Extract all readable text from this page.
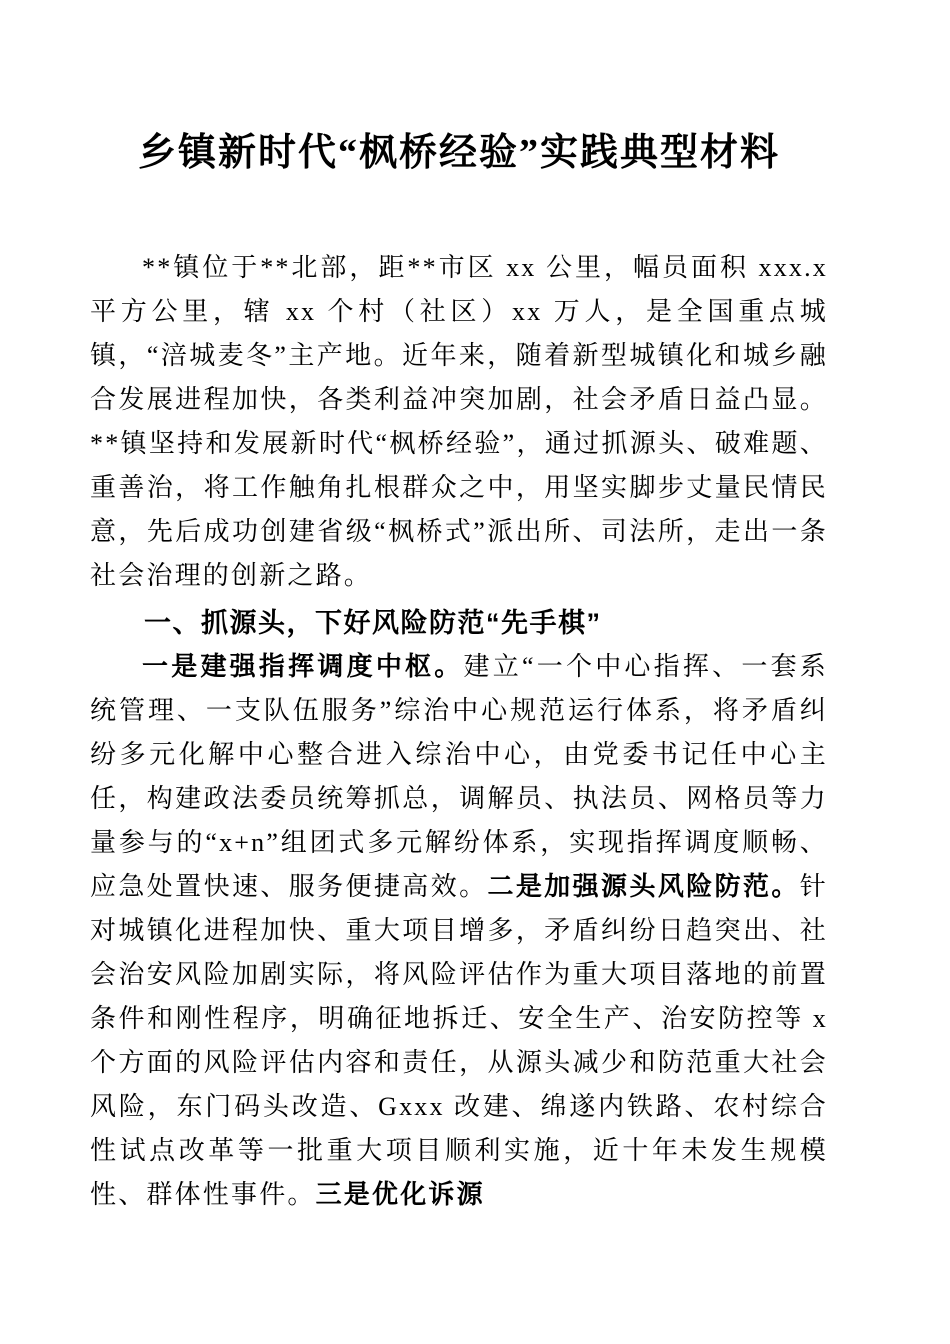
乡镇新时代“枫桥经验”实践典型材料

**镇位于**北部，距**市区 xx 公里，幅员面积 xxx.x 平方公里，辖 xx 个村（社区）xx 万人，是全国重点城镇，“涪城麦冬”主产地。近年来，随着新型城镇化和城乡融合发展进程加快，各类利益冲突加剧，社会矛盾日益凸显。**镇坚持和发展新时代“枫桥经验”，通过抓源头、破难题、重善治，将工作触角扎根群众之中，用坚实脚步丈量民情民意，先后成功创建省级“枫桥式”派出所、司法所，走出一条社会治理的创新之路。

一、抓源头，下好风险防范“先手棋”

一是建强指挥调度中枢。建立“一个中心指挥、一套系统管理、一支队伍服务”综治中心规范运行体系，将矛盾纠纷多元化解中心整合进入综治中心，由党委书记任中心主任，构建政法委员统筹抓总，调解员、执法员、网格员等力量参与的“x+n”组团式多元解纷体系，实现指挥调度顺畅、应急处置快速、服务便捷高效。二是加强源头风险防范。针对城镇化进程加快、重大项目增多，矛盾纠纷日趋突出、社会治安风险加剧实际，将风险评估作为重大项目落地的前置条件和刚性程序，明确征地拆迁、安全生产、治安防控等 x 个方面的风险评估内容和责任，从源头减少和防范重大社会风险，东门码头改造、Gxxx 改建、绵遂内铁路、农村综合性试点改革等一批重大项目顺利实施，近十年未发生规模性、群体性事件。三是优化诉源
